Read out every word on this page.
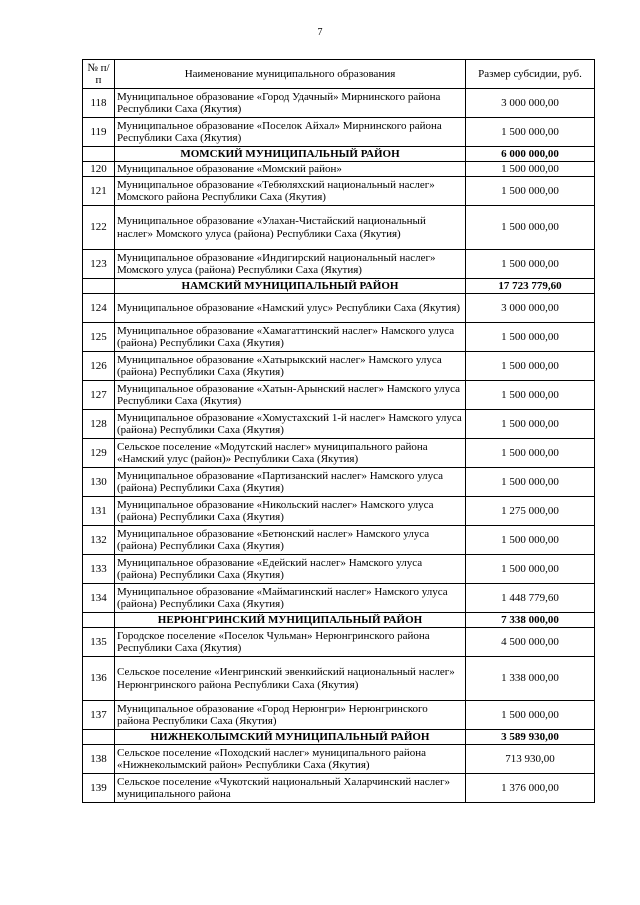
7
№ п/п	Наименование муниципального образования	Размер субсидии, руб.
118	Муниципальное образование «Город Удачный» Мирнинского района Республики Саха (Якутия)	3 000 000,00
119	Муниципальное образование «Поселок Айхал» Мирнинского района Республики Саха (Якутия)	1 500 000,00
	МОМСКИЙ МУНИЦИПАЛЬНЫЙ РАЙОН	6 000 000,00
120	Муниципальное образование «Момский район»	1 500 000,00
121	Муниципальное образование «Тебюляхский национальный наслег» Момского района Республики Саха (Якутия)	1 500 000,00
122	Муниципальное образование «Улахан-Чистайский национальный наслег» Момского улуса (района) Республики Саха (Якутия)	1 500 000,00
123	Муниципальное образование «Индигирский национальный наслег» Момского улуса (района) Республики Саха (Якутия)	1 500 000,00
	НАМСКИЙ МУНИЦИПАЛЬНЫЙ РАЙОН	17 723 779,60
124	Муниципальное образование «Намский улус» Республики Саха (Якутия)	3 000 000,00
125	Муниципальное образование «Хамагаттинский наслег» Намского улуса (района) Республики Саха (Якутия)	1 500 000,00
126	Муниципальное образование «Хатырыкский наслег» Намского улуса (района) Республики Саха (Якутия)	1 500 000,00
127	Муниципальное образование «Хатын-Арынский наслег» Намского улуса Республики Саха (Якутия)	1 500 000,00
128	Муниципальное образование «Хомустахский 1-й наслег» Намского улуса (района) Республики Саха (Якутия)	1 500 000,00
129	Сельское поселение «Модутский наслег» муниципального района «Намский улус (район)» Республики Саха (Якутия)	1 500 000,00
130	Муниципальное образование «Партизанский наслег» Намского улуса (района) Республики Саха (Якутия)	1 500 000,00
131	Муниципальное образование «Никольский наслег» Намского улуса (района) Республики Саха (Якутия)	1 275 000,00
132	Муниципальное образование «Бетюнский наслег» Намского улуса (района) Республики Саха (Якутия)	1 500 000,00
133	Муниципальное образование «Едейский наслег» Намского улуса (района) Республики Саха (Якутия)	1 500 000,00
134	Муниципальное образование «Маймагинский наслег» Намского улуса (района) Республики Саха (Якутия)	1 448 779,60
	НЕРЮНГРИНСКИЙ МУНИЦИПАЛЬНЫЙ РАЙОН	7 338 000,00
135	Городское поселение «Поселок Чульман» Нерюнгринского района Республики Саха (Якутия)	4 500 000,00
136	Сельское поселение «Иенгринский эвенкийский национальный наслег» Нерюнгринского района Республики Саха (Якутия)	1 338 000,00
137	Муниципальное образование «Город Нерюнгри» Нерюнгринского района Республики Саха (Якутия)	1 500 000,00
	НИЖНЕКОЛЫМСКИЙ МУНИЦИПАЛЬНЫЙ РАЙОН	3 589 930,00
138	Сельское поселение «Походский наслег» муниципального района «Нижнеколымский район» Республики Саха (Якутия)	713 930,00
139	Сельское поселение «Чукотский национальный Халарчинский наслег» муниципального района	1 376 000,00
